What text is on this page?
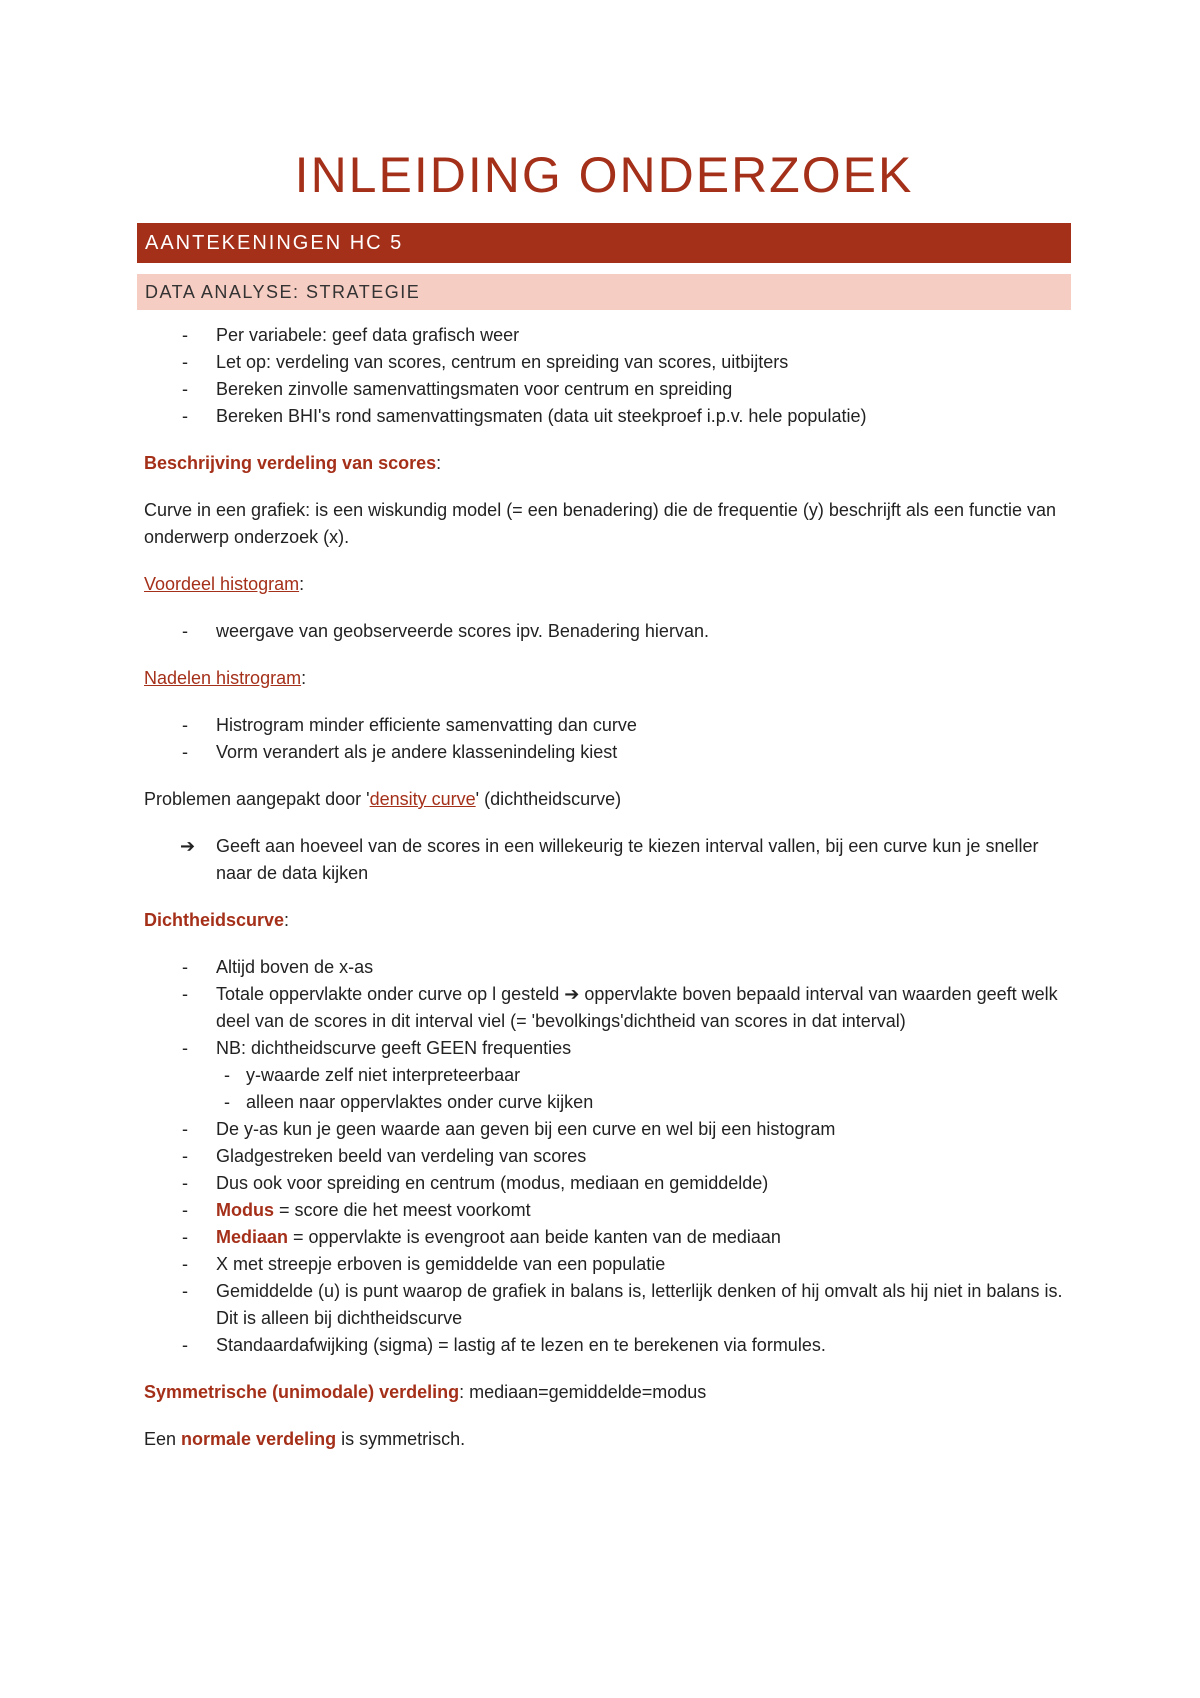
INLEIDING ONDERZOEK
AANTEKENINGEN HC 5
DATA ANALYSE: STRATEGIE
- Per variabele: geef data grafisch weer
- Let op: verdeling van scores, centrum en spreiding van scores, uitbijters
- Bereken zinvolle samenvattingsmaten voor centrum en spreiding
- Bereken BHI's rond samenvattingsmaten (data uit steekproef i.p.v. hele populatie)

Beschrijving verdeling van scores:

Curve in een grafiek: is een wiskundig model (= een benadering) die de frequentie (y) beschrijft als een functie van onderwerp onderzoek (x).

Voordeel histogram:

- weergave van geobserveerde scores ipv. Benadering hiervan.

Nadelen histrogram:

- Histrogram minder efficiente samenvatting dan curve
- Vorm verandert als je andere klassenindeling kiest

Problemen aangepakt door 'density curve' (dichtheidscurve)

➔ Geeft aan hoeveel van de scores in een willekeurig te kiezen interval vallen, bij een curve kun je sneller naar de data kijken

Dichtheidscurve:

- Altijd boven de x-as
- Totale oppervlakte onder curve op l gesteld ➔ oppervlakte boven bepaald interval van waarden geeft welk deel van de scores in dit interval viel (= 'bevolkings'dichtheid van scores in dat interval)
- NB: dichtheidscurve geeft GEEN frequenties
- y-waarde zelf niet interpreteerbaar
- alleen naar oppervlaktes onder curve kijken
- De y-as kun je geen waarde aan geven bij een curve en wel bij een histogram
- Gladgestreken beeld van verdeling van scores
- Dus ook voor spreiding en centrum (modus, mediaan en gemiddelde)
- Modus = score die het meest voorkomt
- Mediaan = oppervlakte is evengroot aan beide kanten van de mediaan
- X met streepje erboven is gemiddelde van een populatie
- Gemiddelde (u) is punt waarop de grafiek in balans is, letterlijk denken of hij omvalt als hij niet in balans is. Dit is alleen bij dichtheidscurve
- Standaardafwijking (sigma) = lastig af te lezen en te berekenen via formules.

Symmetrische (unimodale) verdeling: mediaan=gemiddelde=modus

Een normale verdeling is symmetrisch.
